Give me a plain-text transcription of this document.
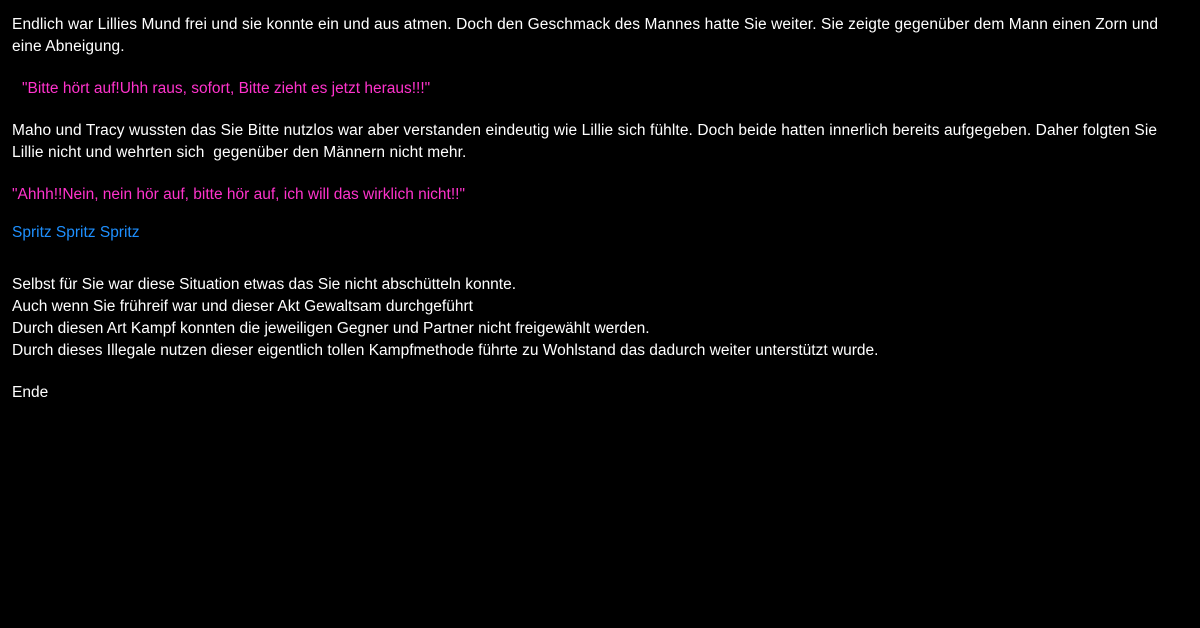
Endlich war Lillies Mund frei und sie konnte ein und aus atmen. Doch den Geschmack des Mannes hatte Sie weiter. Sie zeigte gegenüber dem Mann einen Zorn und eine Abneigung.

"Bitte hört auf!Uhh raus, sofort, Bitte zieht es jetzt heraus!!!"

Maho und Tracy wussten das Sie Bitte nutzlos war aber verstanden eindeutig wie Lillie sich fühlte. Doch beide hatten innerlich bereits aufgegeben. Daher folgten Sie Lillie nicht und wehrten sich  gegenüber den Männern nicht mehr.

"Ahhh!!Nein, nein hör auf, bitte hör auf, ich will das wirklich nicht!!"

Spritz Spritz Spritz

Selbst für Sie war diese Situation etwas das Sie nicht abschütteln konnte.
Auch wenn Sie frühreif war und dieser Akt Gewaltsam durchgeführt
Durch diesen Art Kampf konnten die jeweiligen Gegner und Partner nicht freigewählt werden.
Durch dieses Illegale nutzen dieser eigentlich tollen Kampfmethode führte zu Wohlstand das dadurch weiter unterstützt wurde.

Ende
